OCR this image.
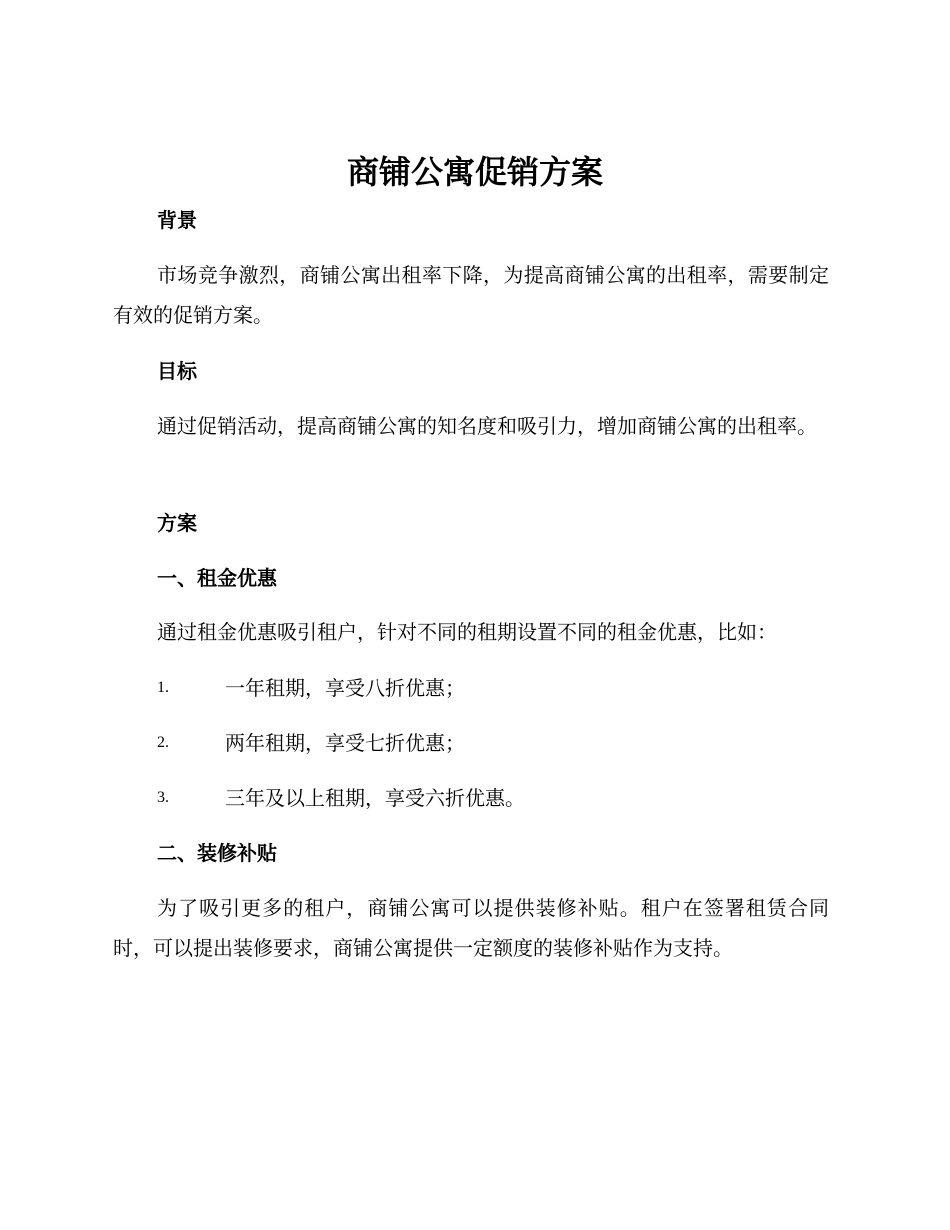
商铺公寓促销方案
背景

市场竞争激烈，商铺公寓出租率下降，为提高商铺公寓的出租率，需要制定有效的促销方案。

目标

通过促销活动，提高商铺公寓的知名度和吸引力，增加商铺公寓的出租率。

方案
一、租金优惠

通过租金优惠吸引租户，针对不同的租期设置不同的租金优惠，比如：

1.	一年租期，享受八折优惠；
2.	两年租期，享受七折优惠；
3.	三年及以上租期，享受六折优惠。
二、装修补贴

为了吸引更多的租户，商铺公寓可以提供装修补贴。租户在签署租赁合同时，可以提出装修要求，商铺公寓提供一定额度的装修补贴作为支持。
